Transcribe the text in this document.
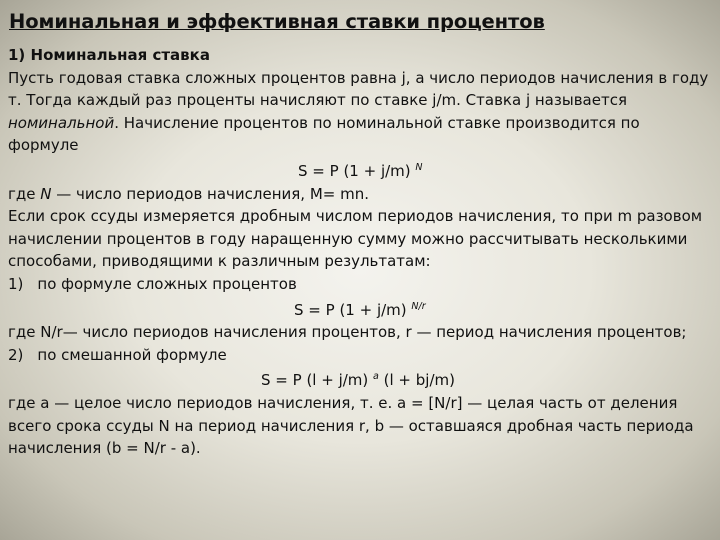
Номинальная и эффективная ставки процентов

1) Номинальная ставка

Пусть годовая ставка сложных процентов равна j, а число периодов начисления в году т. Тогда каждый раз проценты начисляют по ставке j/m. Ставка j называется номинальной. Начисление процентов по номинальной ставке производится по формуле

S = P (1 + j/m) $^N$

где N — число периодов начисления, М= mn.

Если срок ссуды измеряется дробным числом периодов начисления, то при m разовом начислении процентов в году наращенную сумму можно рассчитывать несколькими способами, приводящими к различным результатам:

1) по формуле сложных процентов

S = P (1 + j/m) $^{N/r}$

где N/r— число периодов начисления процентов, r — период начисления процентов;

2) по смешанной формуле

S = P (l + j/m) $^a$ (l + bj/m)

где а — целое число периодов начисления, т. е. а = [N/r] — целая часть от деления всего срока ссуды N на период начисления r, b — оставшаяся дробная часть периода начисления (b = N/r - а).
